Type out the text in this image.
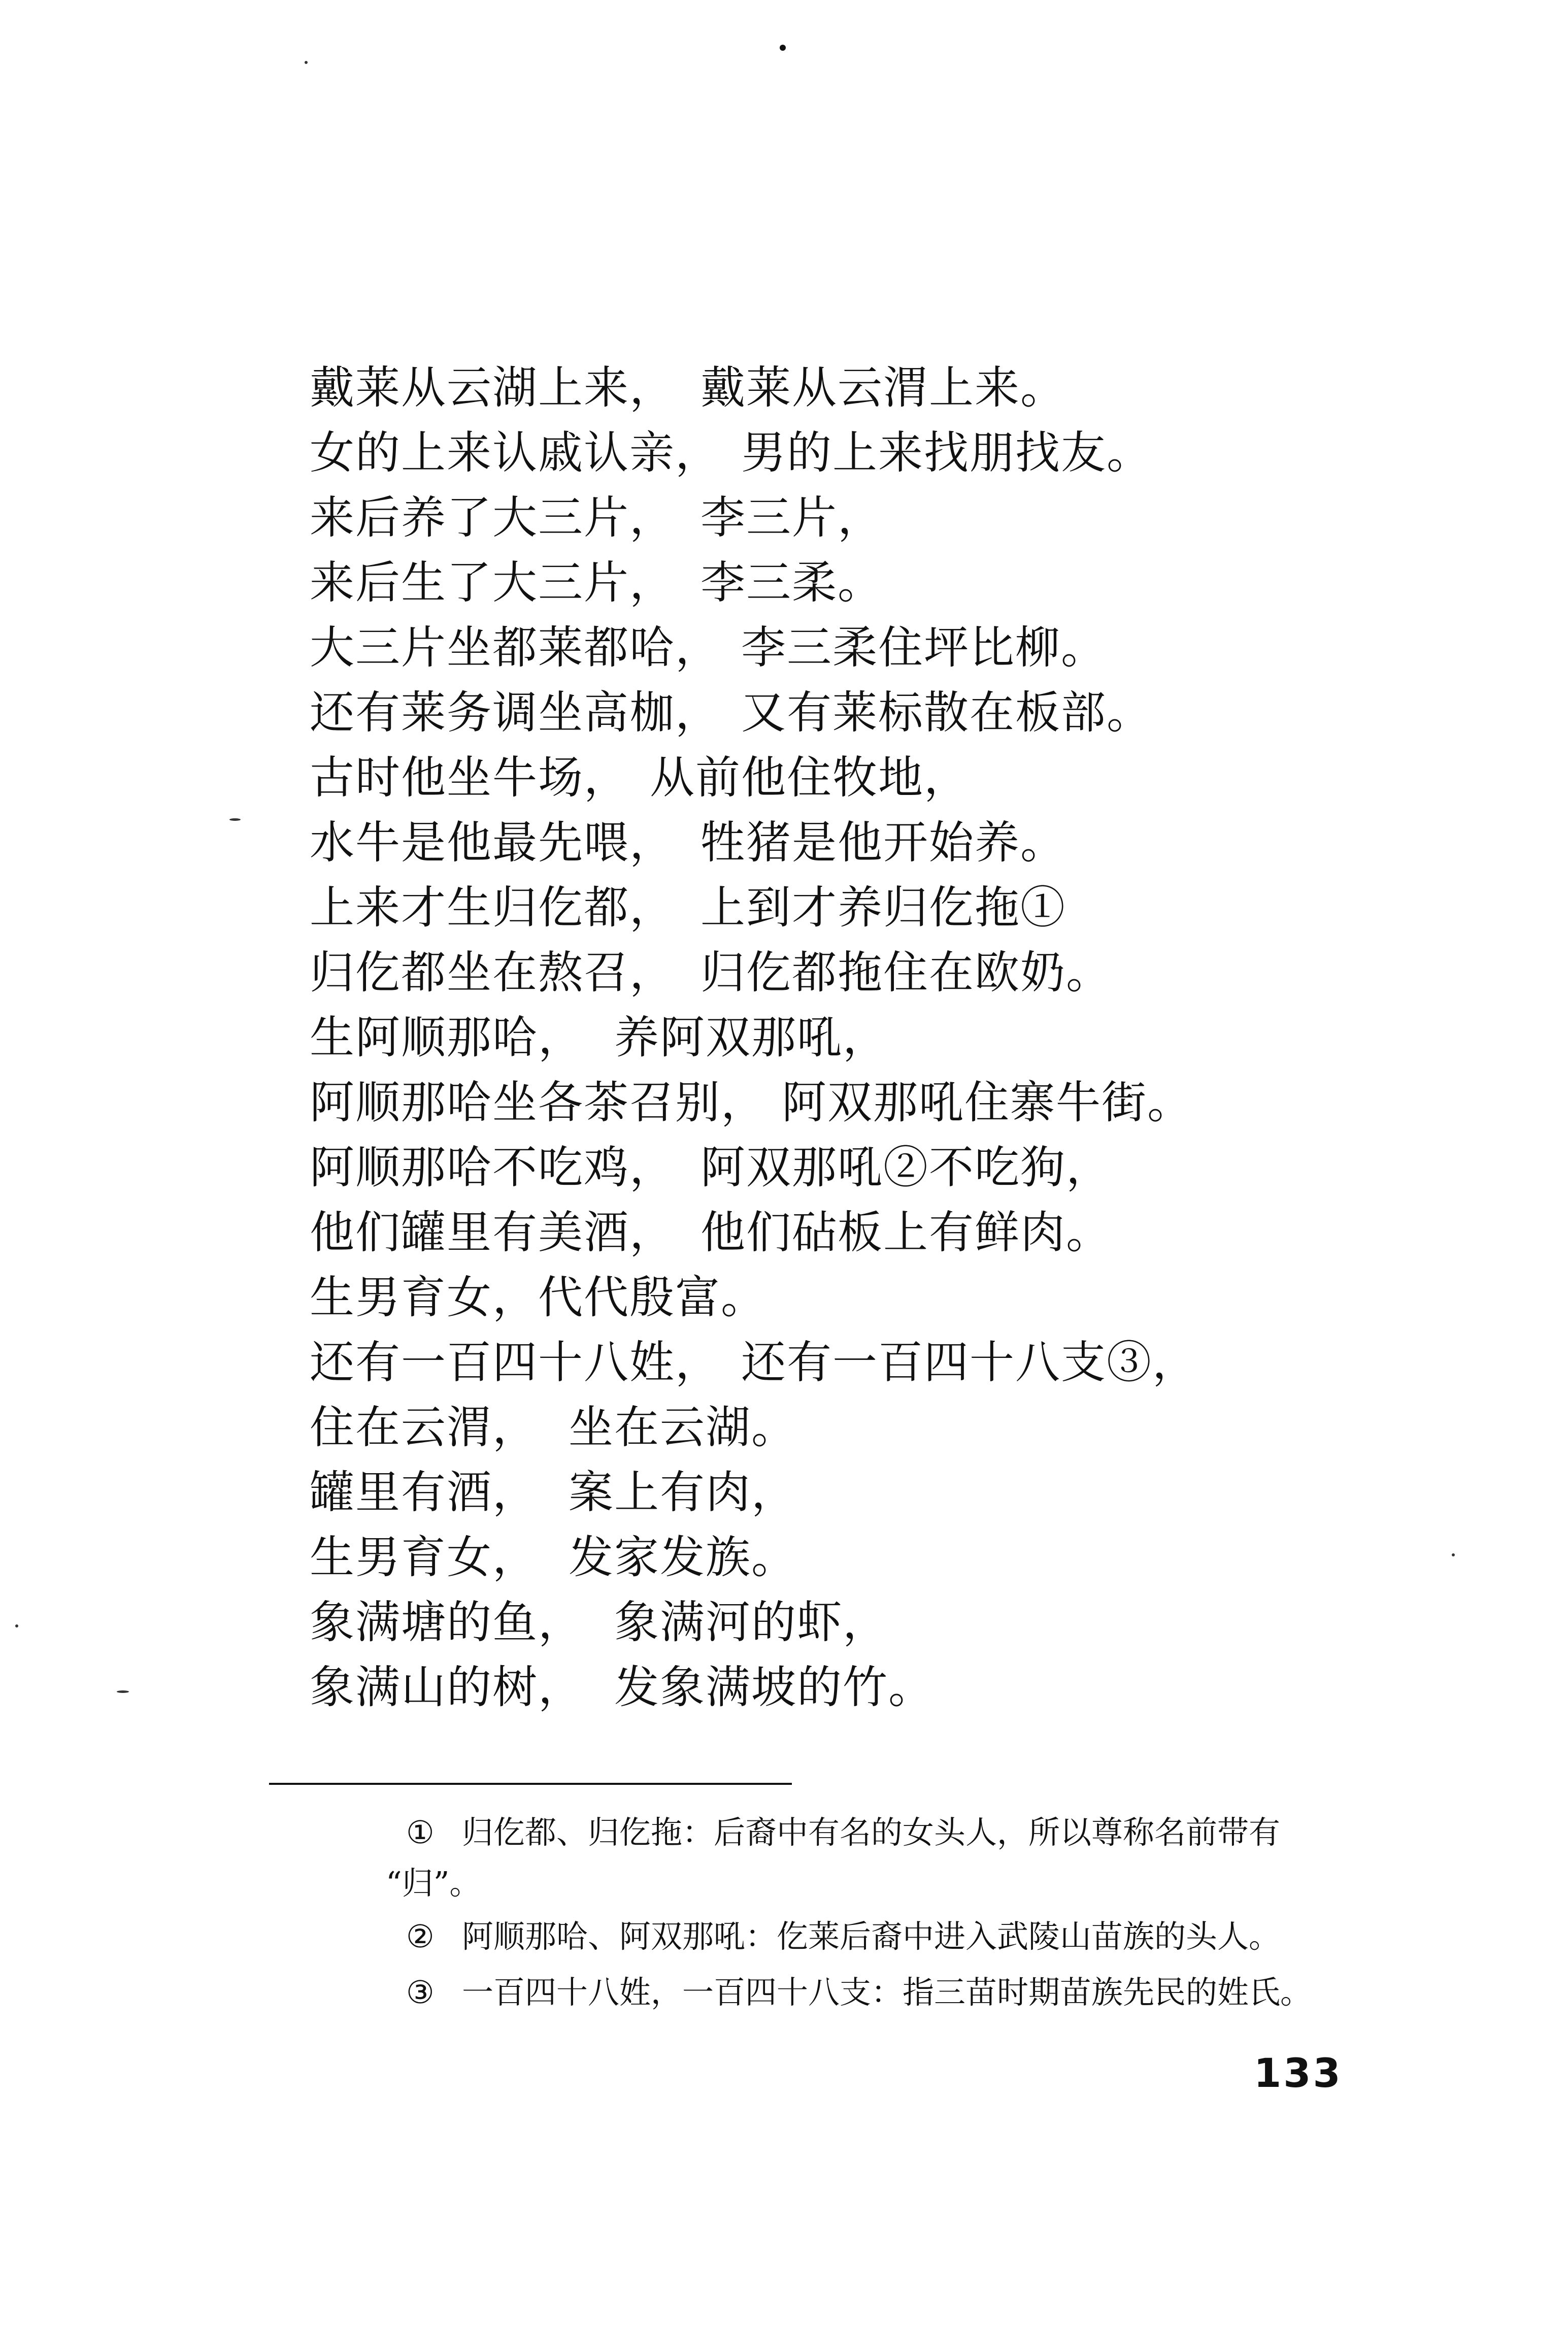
戴莱从云湖上来， 戴莱从云渭上来。
女的上来认戚认亲， 男的上来找朋找友。
来后养了大三片， 李三片，
来后生了大三片， 李三柔。
大三片坐都莱都哈， 李三柔住坪比柳。
还有莱务调坐高枷， 又有莱标散在板部。
古时他坐牛场， 从前他住牧地，
水牛是他最先喂， 牲猪是他开始养。
上来才生归仡都， 上到才养归仡拖①
归仡都坐在熬召， 归仡都拖住在欧奶。
生阿顺那哈， 养阿双那吼，
阿顺那哈坐各茶召别， 阿双那吼住寨牛街。
阿顺那哈不吃鸡， 阿双那吼②不吃狗，
他们罐里有美酒， 他们砧板上有鲜肉。
生男育女，代代殷富。
还有一百四十八姓， 还有一百四十八支③，
住在云渭， 坐在云湖。
罐里有酒， 案上有肉，
生男育女， 发家发族。
象满塘的鱼， 象满河的虾，
象满山的树， 发象满坡的竹。
① 归仡都、归仡拖：后裔中有名的女头人，所以尊称名前带有
“归”。
② 阿顺那哈、阿双那吼：仡莱后裔中进入武陵山苗族的头人。
③ 一百四十八姓，一百四十八支：指三苗时期苗族先民的姓氏。
133
